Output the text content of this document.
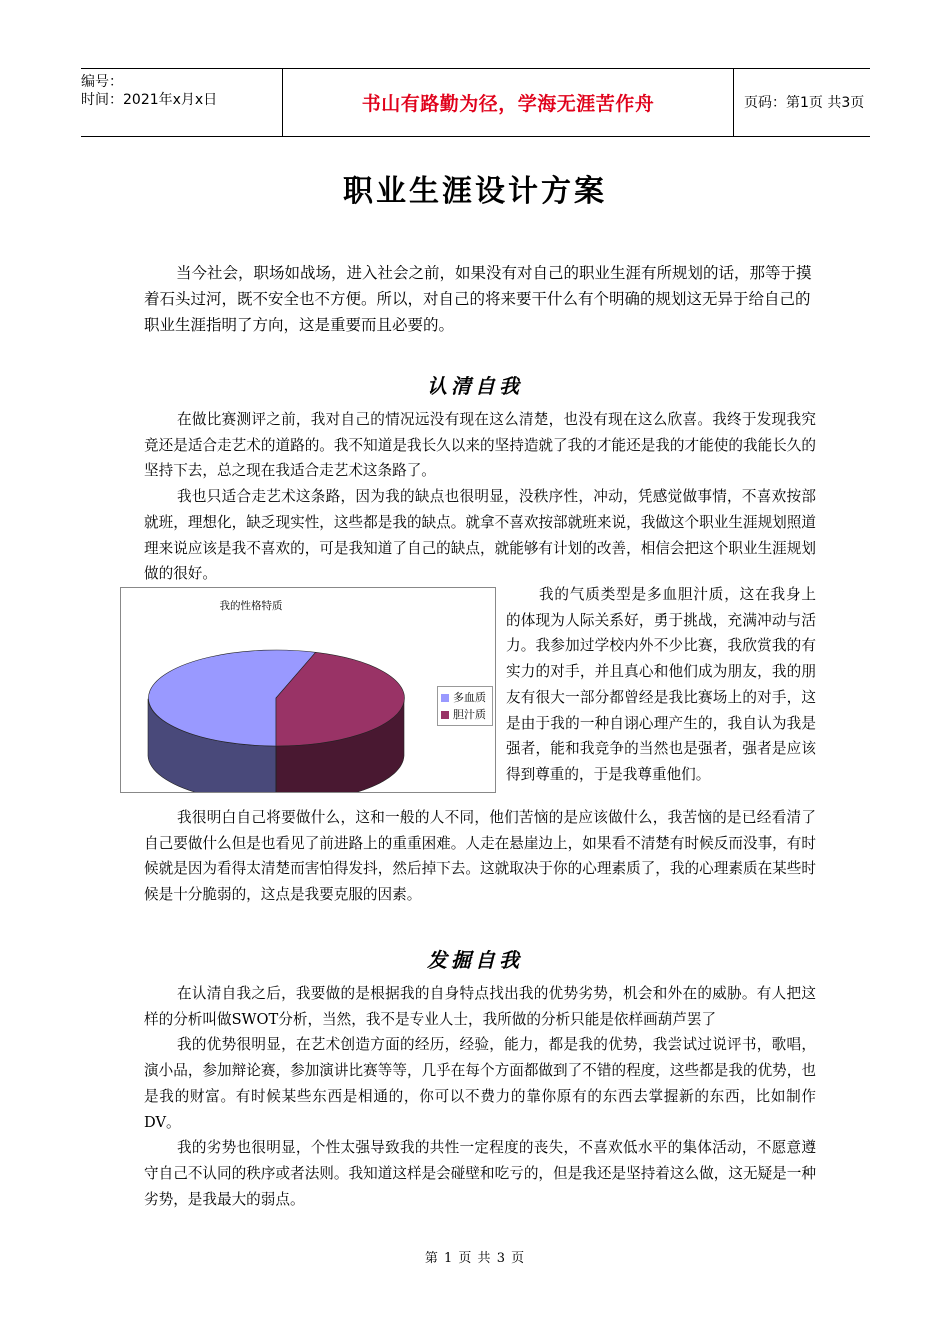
编号：
时间：2021年x月x日	书山有路勤为径，学海无涯苦作舟	页码：第1页 共3页
职业生涯设计方案

当今社会，职场如战场，进入社会之前，如果没有对自己的职业生涯有所规划的话，那等于摸着石头过河，既不安全也不方便。所以，对自己的将来要干什么有个明确的规划这无异于给自己的职业生涯指明了方向，这是重要而且必要的。

认清自我

在做比赛测评之前，我对自己的情况远没有现在这么清楚，也没有现在这么欣喜。我终于发现我究竟还是适合走艺术的道路的。我不知道是我长久以来的坚持造就了我的才能还是我的才能使的我能长久的坚持下去，总之现在我适合走艺术这条路了。

我也只适合走艺术这条路，因为我的缺点也很明显，没秩序性，冲动，凭感觉做事情，不喜欢按部就班，理想化，缺乏现实性，这些都是我的缺点。就拿不喜欢按部就班来说，我做这个职业生涯规划照道理来说应该是我不喜欢的，可是我知道了自己的缺点，就能够有计划的改善，相信会把这个职业生涯规划做的很好。

我的性格特质
多血质
胆汁质

我的气质类型是多血胆汁质，这在我身上的体现为人际关系好，勇于挑战，充满冲动与活力。我参加过学校内外不少比赛，我欣赏我的有实力的对手，并且真心和他们成为朋友，我的朋友有很大一部分都曾经是我比赛场上的对手，这是由于我的一种自诩心理产生的，我自认为我是强者，能和我竞争的当然也是强者，强者是应该得到尊重的，于是我尊重他们。

我很明白自己将要做什么，这和一般的人不同，他们苦恼的是应该做什么，我苦恼的是已经看清了自己要做什么但是也看见了前进路上的重重困难。人走在悬崖边上，如果看不清楚有时候反而没事，有时候就是因为看得太清楚而害怕得发抖，然后掉下去。这就取决于你的心理素质了，我的心理素质在某些时候是十分脆弱的，这点是我要克服的因素。

发掘自我

在认清自我之后，我要做的是根据我的自身特点找出我的优势劣势，机会和外在的威胁。有人把这样的分析叫做SWOT分析，当然，我不是专业人士，我所做的分析只能是依样画葫芦罢了

我的优势很明显，在艺术创造方面的经历，经验，能力，都是我的优势，我尝试过说评书，歌唱，演小品，参加辩论赛，参加演讲比赛等等，几乎在每个方面都做到了不错的程度，这些都是我的优势，也是我的财富。有时候某些东西是相通的，你可以不费力的靠你原有的东西去掌握新的东西，比如制作DV。

我的劣势也很明显，个性太强导致我的共性一定程度的丧失，不喜欢低水平的集体活动，不愿意遵守自己不认同的秩序或者法则。我知道这样是会碰壁和吃亏的，但是我还是坚持着这么做，这无疑是一种劣势，是我最大的弱点。

第 1 页 共 3 页
